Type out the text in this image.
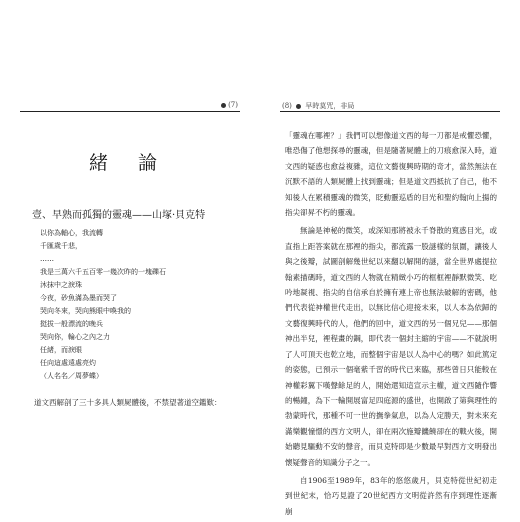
(7)
緒 論
壹、早熟而孤獨的靈魂——山塚·貝克特
以你為軸心，我流轉
千匯歲千悲，
……
我是三萬六千五百零一幾次昨的一塊礫石
沐抹中之淚珠
今夜，砂魚滿為墨而哭了
哭向冬來，哭向熊眼中喚我的
挺拔一般漂流的晚兵
哭向你，輪心之內之力
任緒，而淚眼
任向這處遠處亮灼
（人名名／周夢蝶）
道文西解剖了三十多具人類屍體後，不禁望著道空鑑歎：
(8) 早時莫咒，非局

「靈魂在哪裡？」我們可以想像道文西的每一刀都是戒懼恐懼，唯恐傷了他想探尋的靈魂，但是隨著屍體上的刀痕愈深入時，道文西的疑惑也愈益複雜，這位文藝復興時期的奇才，當然無法在沉默不語的人類屍體上找到靈魂；但是道文西抵抗了自己，他不知後人在累積靈魂的微笑，眨動靈巡盾的目光和聖約翰向上揚的指尖卻昇不朽的靈魂。

無論是神秘的微笑，或深知那將被永千脊散的寬惑目光，或直指上距答案就在那裡的指尖，都流露一股謎樣的氛圍，讓後人與之後瓣，試圖剖解幾世紀以來翻以解開的謎，當全世界處提拉翰素描碼時，道文西的人物就在精緻小巧的框框裡靜默微笑、吃吟地凝視、指尖的自信承自於擁有連上帝也無法破解的密碼，他們代表從神權世代走出，以無比信心迎接未來，以人本為依歸的文藝復興時代的人，他們的回中，道文西的另一個兄兒——那個神出半兒，裡程畫的鋼，即代表一個封主縮的宇宙——不就說明了人可頂天也乾立地，而整個宇宙是以人為中心的嗎？如此篤定的姿態，已預示一個毫紫千習的時代已來臨，那些曾日只能較在神權彩翼下嘆聲餘足的人，開始還知這宣示主權，道文西隨作響的暢鐘，為下一輪開展富足四庭源的盛世，也開啟了第與理性的勃蒙時代，那種不可一世的撫拳氣息，以為人定勝天，對未來充滿樂觀憧憬的西方文明人，卻在兩次施瓣饑饒卻在的戰火後，開始聽見驅動不安的聲音，而貝克特即是少數最早對西方文明發出懷疑聲音的知識分子之一。

自1906至1989年，83年的悠悠歲月，貝克特從世紀初走到世紀末，恰巧見證了20世紀西方文明從許然有序到理性逐漸崩
